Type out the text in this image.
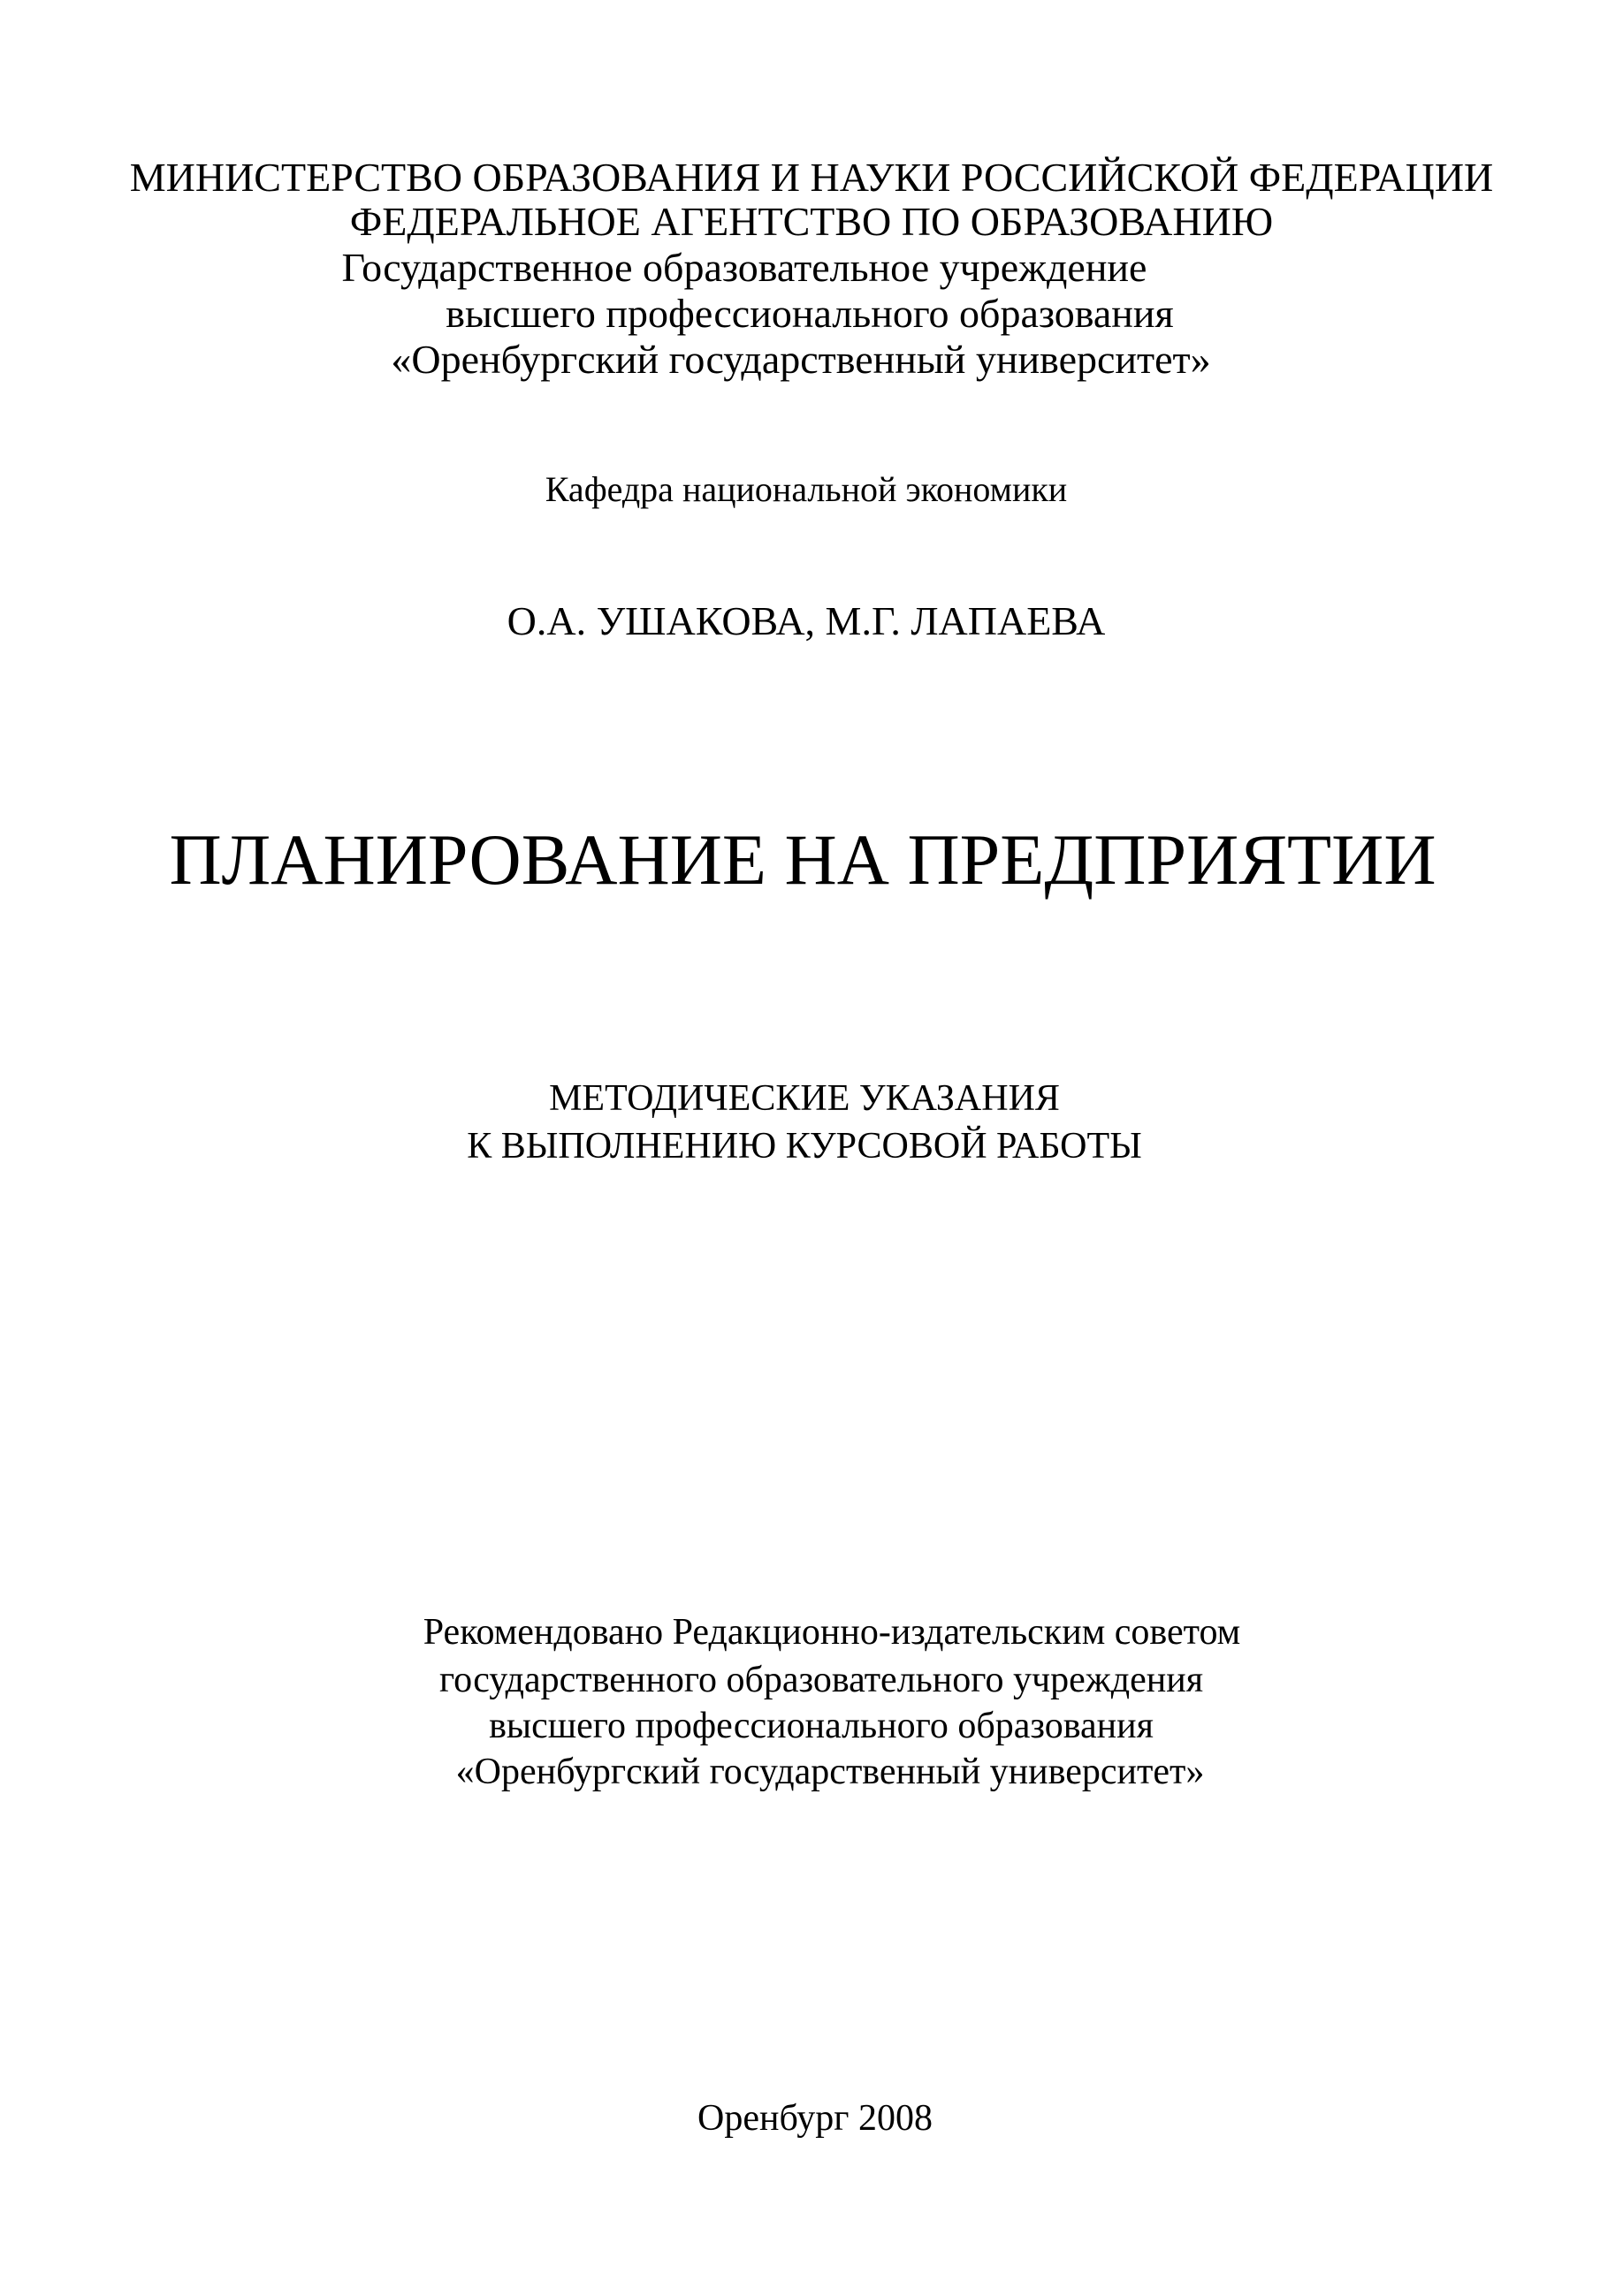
МИНИСТЕРСТВО ОБРАЗОВАНИЯ И НАУКИ РОССИЙСКОЙ ФЕДЕРАЦИИ
ФЕДЕРАЛЬНОЕ АГЕНТСТВО ПО ОБРАЗОВАНИЮ
Государственное образовательное учреждение
высшего профессионального образования
«Оренбургский государственный университет»
Кафедра национальной экономики
О.А. УШАКОВА, М.Г. ЛАПАЕВА
ПЛАНИРОВАНИЕ НА ПРЕДПРИЯТИИ
МЕТОДИЧЕСКИЕ УКАЗАНИЯ
К ВЫПОЛНЕНИЮ КУРСОВОЙ РАБОТЫ
Рекомендовано Редакционно-издательским советом
государственного образовательного учреждения
высшего профессионального образования
«Оренбургский государственный университет»
Оренбург 2008
